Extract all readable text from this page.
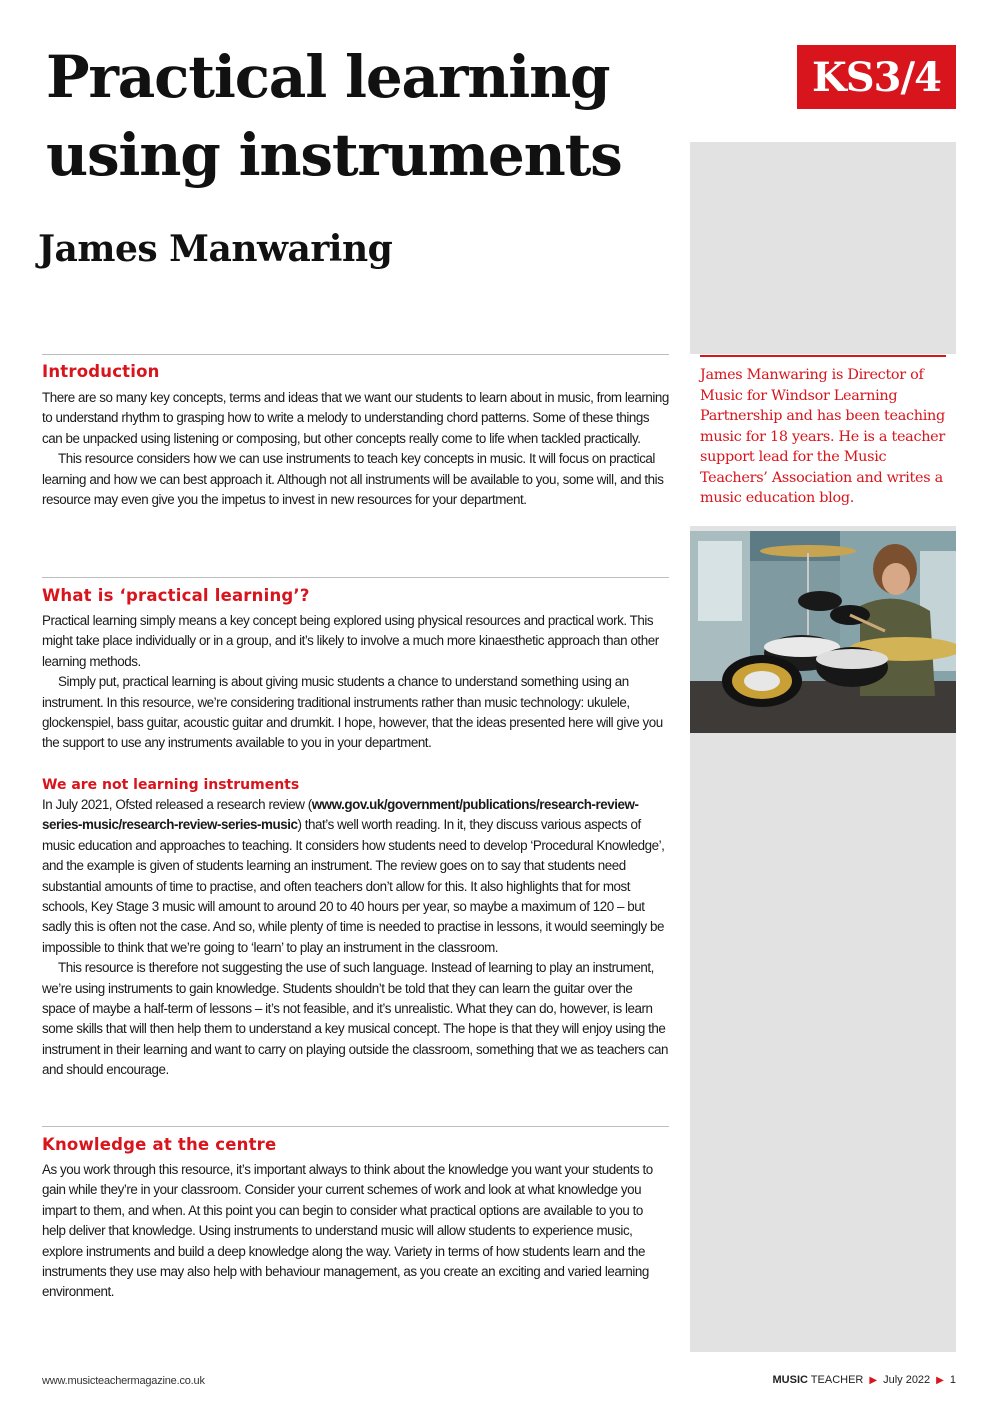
Practical learning using instruments
James Manwaring
KS3/4

James Manwaring is Director of Music for Windsor Learning Partnership and has been teaching music for 18 years. He is a teacher support lead for the Music Teachers’ Association and writes a music education blog.

Introduction

There are so many key concepts, terms and ideas that we want our students to learn about in music, from learning to understand rhythm to grasping how to write a melody to understanding chord patterns. Some of these things can be unpacked using listening or composing, but other concepts really come to life when tackled practically.

This resource considers how we can use instruments to teach key concepts in music. It will focus on practical learning and how we can best approach it. Although not all instruments will be available to you, some will, and this resource may even give you the impetus to invest in new resources for your department.

What is ‘practical learning’?

Practical learning simply means a key concept being explored using physical resources and practical work. This might take place individually or in a group, and it’s likely to involve a much more kinaesthetic approach than other learning methods.

Simply put, practical learning is about giving music students a chance to understand something using an instrument. In this resource, we’re considering traditional instruments rather than music technology: ukulele, glockenspiel, bass guitar, acoustic guitar and drumkit. I hope, however, that the ideas presented here will give you the support to use any instruments available to you in your department.

We are not learning instruments

In July 2021, Ofsted released a research review (www.gov.uk/government/publications/research-review-series-music/research-review-series-music) that’s well worth reading. In it, they discuss various aspects of music education and approaches to teaching. It considers how students need to develop ‘Procedural Knowledge’, and the example is given of students learning an instrument. The review goes on to say that students need substantial amounts of time to practise, and often teachers don’t allow for this. It also highlights that for most schools, Key Stage 3 music will amount to around 20 to 40 hours per year, so maybe a maximum of 120 – but sadly this is often not the case. And so, while plenty of time is needed to practise in lessons, it would seemingly be impossible to think that we’re going to ‘learn’ to play an instrument in the classroom.

This resource is therefore not suggesting the use of such language. Instead of learning to play an instrument, we’re using instruments to gain knowledge. Students shouldn’t be told that they can learn the guitar over the space of maybe a half-term of lessons – it’s not feasible, and it’s unrealistic. What they can do, however, is learn some skills that will then help them to understand a key musical concept. The hope is that they will enjoy using the instrument in their learning and want to carry on playing outside the classroom, something that we as teachers can and should encourage.

Knowledge at the centre

As you work through this resource, it’s important always to think about the knowledge you want your students to gain while they’re in your classroom. Consider your current schemes of work and look at what knowledge you impart to them, and when. At this point you can begin to consider what practical options are available to you to help deliver that knowledge. Using instruments to understand music will allow students to experience music, explore instruments and build a deep knowledge along the way. Variety in terms of how students learn and the instruments they use may also help with behaviour management, as you create an exciting and varied learning environment.

www.musicteachermagazine.co.uk	MUSIC TEACHER ▶ July 2022 ▶ 1
